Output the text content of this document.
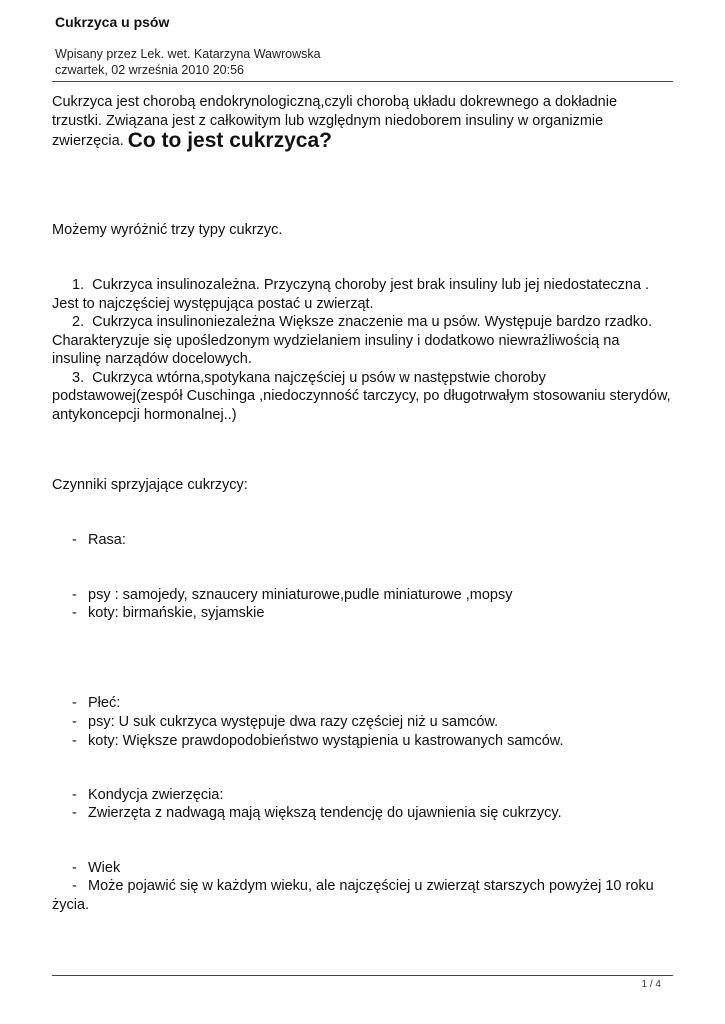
Cukrzyca u psów
Wpisany przez Lek. wet. Katarzyna Wawrowska
czwartek, 02 września 2010 20:56
Cukrzyca jest chorobą endokrynologiczną,czyli chorobą układu dokrewnego a dokładnie
trzustki. Związana jest z całkowitym lub względnym niedoborem insuliny w organizmie
zwierzęcia. Co to jest cukrzyca?
Możemy wyróżnić trzy typy cukrzyc.
1. Cukrzyca insulinozależna. Przyczyną choroby jest brak insuliny lub jej niedostateczna .
Jest to najczęściej występująca postać u zwierząt.
2. Cukrzyca insulinoniezależna Większe znaczenie ma u psów. Występuje bardzo rzadko.
Charakteryzuje się upośledzonym wydzielaniem insuliny i dodatkowo niewrażliwością na insulinę narządów docelowych.
3. Cukrzyca wtórna,spotykana najczęściej u psów w następstwie choroby
podstawowej(zespół Cuschinga ,niedoczynność tarczycy, po długotrwałym stosowaniu sterydów, antykoncepcji hormonalnej..)
Czynniki sprzyjające cukrzycy:
- Rasa:
- psy : samojedy, sznaucery miniaturowe,pudle miniaturowe ,mopsy
- koty: birmańskie, syjamskie
- Płeć:
- psy: U suk cukrzyca występuje dwa razy częściej niż u samców.
- koty: Większe prawdopodobieństwo wystąpienia u kastrowanych samców.
- Kondycja zwierzęcia:
- Zwierzęta z nadwagą mają większą tendencję do ujawnienia się cukrzycy.
- Wiek
- Może pojawić się w każdym wieku, ale najczęściej u zwierząt starszych powyżej 10 roku
życia.
1 / 4
